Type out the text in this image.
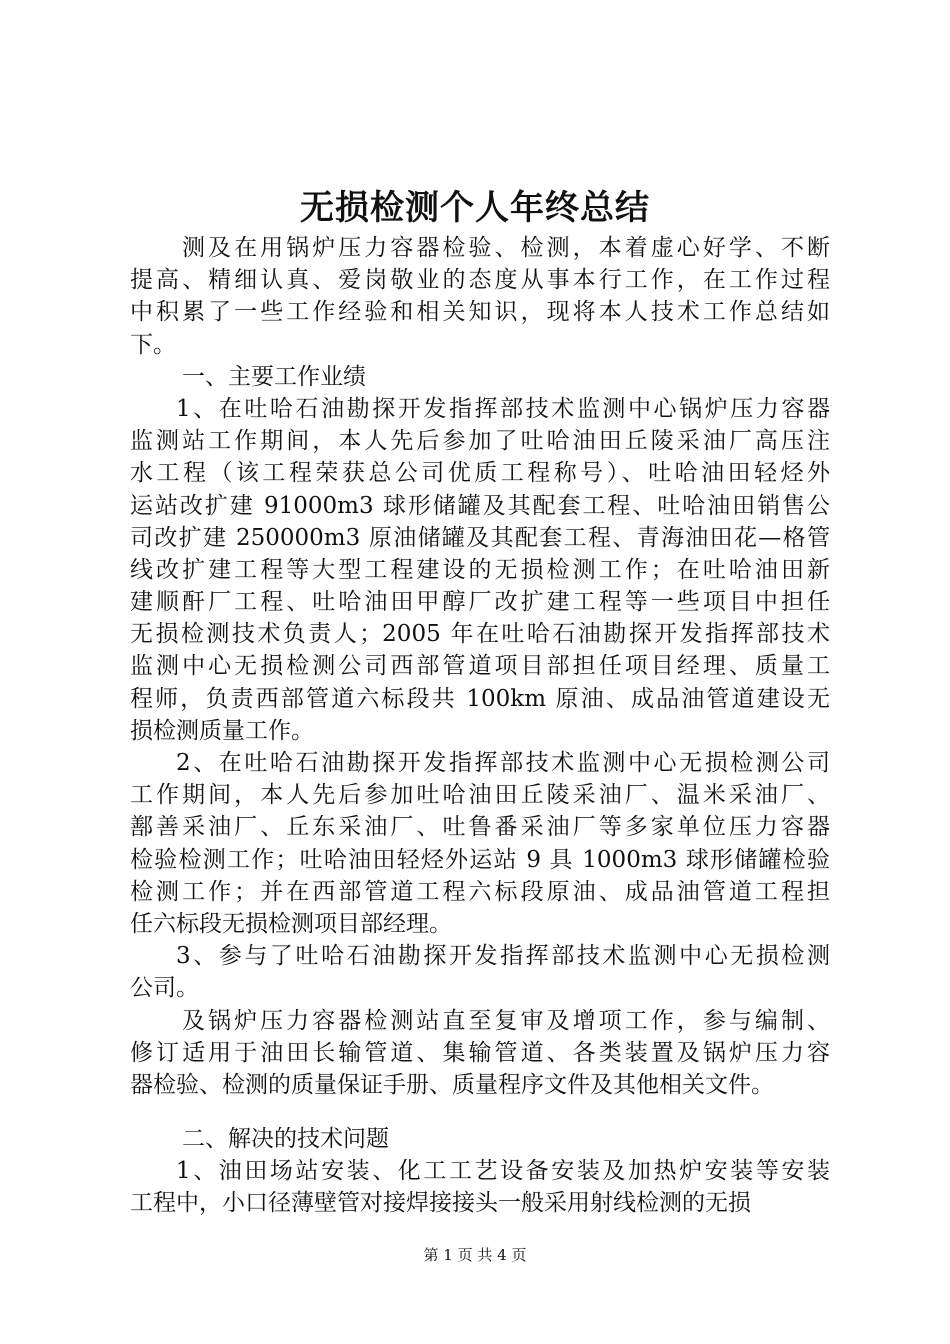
无损检测个人年终总结
测及在用锅炉压力容器检验、检测，本着虚心好学、不断
提高、精细认真、爱岗敬业的态度从事本行工作，在工作过程
中积累了一些工作经验和相关知识，现将本人技术工作总结如
下。
一、主要工作业绩
1、在吐哈石油勘探开发指挥部技术监测中心锅炉压力容器
监测站工作期间，本人先后参加了吐哈油田丘陵采油厂高压注
水工程（该工程荣获总公司优质工程称号）、吐哈油田轻烃外
运站改扩建 91000m3 球形储罐及其配套工程、吐哈油田销售公
司改扩建 250000m3 原油储罐及其配套工程、青海油田花—格管
线改扩建工程等大型工程建设的无损检测工作；在吐哈油田新
建顺酐厂工程、吐哈油田甲醇厂改扩建工程等一些项目中担任
无损检测技术负责人；2005 年在吐哈石油勘探开发指挥部技术
监测中心无损检测公司西部管道项目部担任项目经理、质量工
程师，负责西部管道六标段共 100km 原油、成品油管道建设无
损检测质量工作。
2、在吐哈石油勘探开发指挥部技术监测中心无损检测公司
工作期间，本人先后参加吐哈油田丘陵采油厂、温米采油厂、
鄯善采油厂、丘东采油厂、吐鲁番采油厂等多家单位压力容器
检验检测工作；吐哈油田轻烃外运站 9 具 1000m3 球形储罐检验
检测工作；并在西部管道工程六标段原油、成品油管道工程担
任六标段无损检测项目部经理。
3、参与了吐哈石油勘探开发指挥部技术监测中心无损检测
公司。
及锅炉压力容器检测站直至复审及增项工作，参与编制、
修订适用于油田长输管道、集输管道、各类装置及锅炉压力容
器检验、检测的质量保证手册、质量程序文件及其他相关文件。
二、解决的技术问题
1、油田场站安装、化工工艺设备安装及加热炉安装等安装
工程中，小口径薄壁管对接焊接接头一般采用射线检测的无损
第 1 页 共 4 页
